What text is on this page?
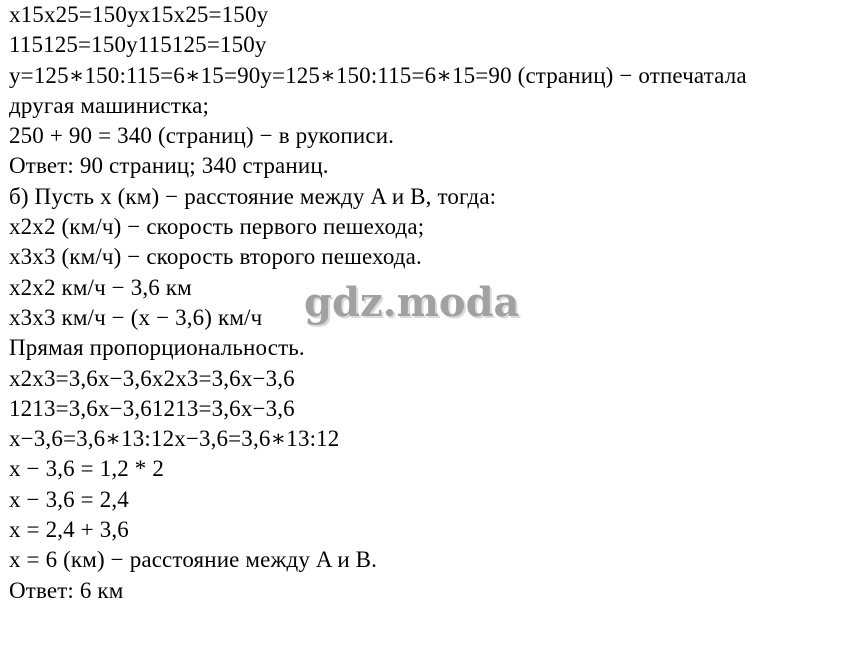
x15x25=150yx15x25=150y
115125=150y115125=150y
y=125∗150:115=6∗15=90y=125∗150:115=6∗15=90 (страниц) − отпечатала
другая машинистка;
250 + 90 = 340 (страниц) − в рукописи.
Ответ: 90 страниц; 340 страниц.
б) Пусть x (км) − расстояние между A и B, тогда:
x2x2 (км/ч) − скорость первого пешехода;
x3x3 (км/ч) − скорость второго пешехода.
x2x2 км/ч − 3,6 км
x3x3 км/ч − (x − 3,6) км/ч
Прямая пропорциональность.
x2x3=3,6x−3,6x2x3=3,6x−3,6
1213=3,6x−3,61213=3,6x−3,6
x−3,6=3,6∗13:12x−3,6=3,6∗13:12
x − 3,6 = 1,2 * 2
x − 3,6 = 2,4
x = 2,4 + 3,6
x = 6 (км) − расстояние между A и B.
Ответ: 6 км
gdz.moda
